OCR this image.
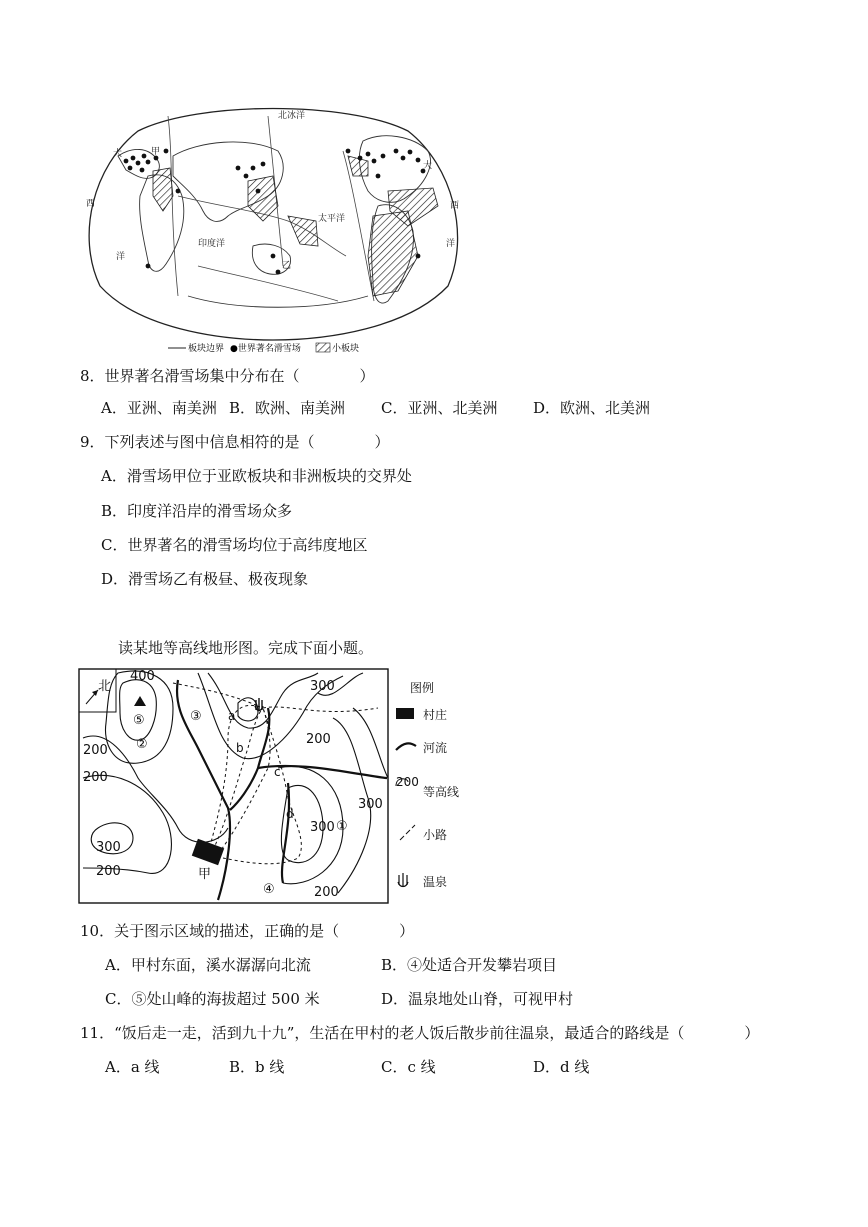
北冰洋
西
洋
大
大
西
洋
印度洋
太平洋
甲
乙
板块边界 ●世界著名滑雪场	小板块
8．世界著名滑雪场集中分布在（　　　　）
A．亚洲、南美洲 B．欧洲、南美洲 C．亚洲、北美洲 D．欧洲、北美洲
9．下列表述与图中信息相符的是（　　　　）
A．滑雪场甲位于亚欧板块和非洲板块的交界处
B．印度洋沿岸的滑雪场众多
C．世界著名的滑雪场均位于高纬度地区
D．滑雪场乙有极昼、极夜现象
读某地等高线地形图。完成下面小题。
北
400
300
200
200
300
300
200
300
200
200
⑤
②
③
①
④
a
b
c
d
甲
图例
村庄
河流
200
等高线
小路
温泉
10．关于图示区域的描述，正确的是（　　　　）
A．甲村东面，溪水潺潺向北流	B．④处适合开发攀岩项目
C．⑤处山峰的海拔超过 500 米	D．温泉地处山脊，可视甲村
11．“饭后走一走，活到九十九”，生活在甲村的老人饭后散步前往温泉，最适合的路线是（　　　　）
A．a 线	B．b 线	C．c 线	D．d 线
